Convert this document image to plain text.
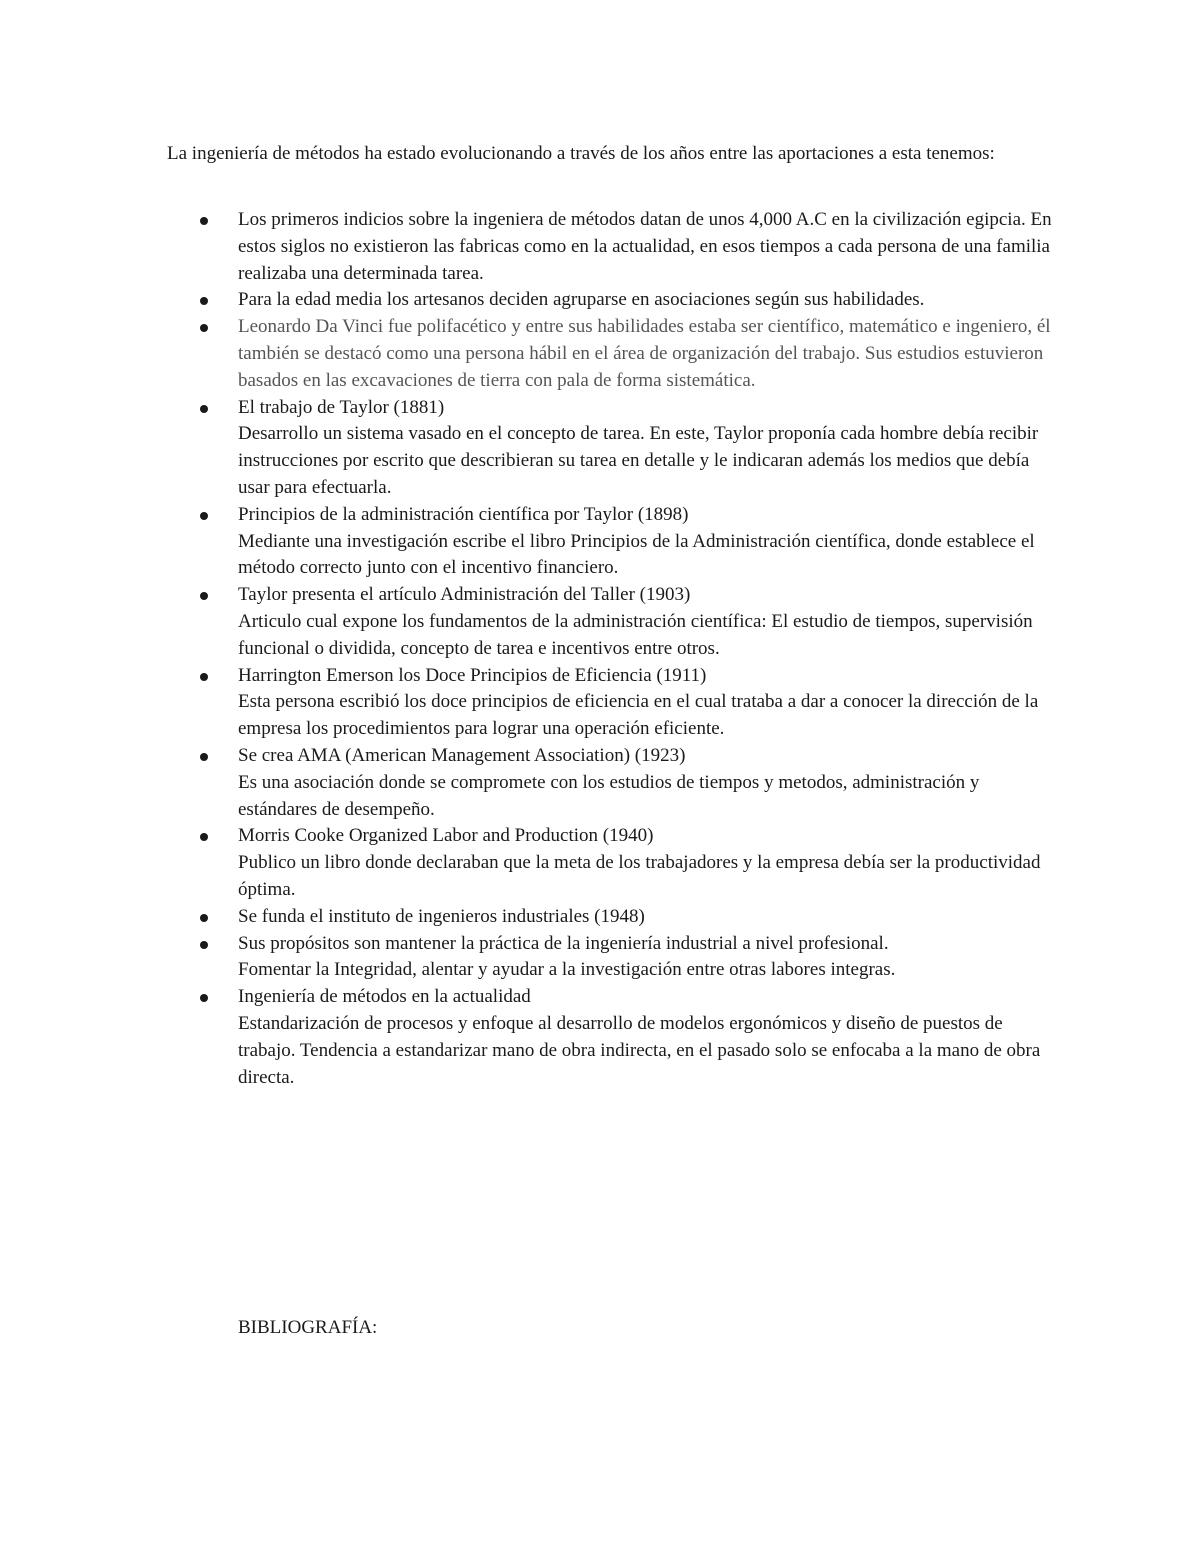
La ingeniería de métodos ha estado evolucionando a través de los años entre las aportaciones a esta tenemos:

Los primeros indicios sobre la ingeniera de métodos datan de unos 4,000 A.C en la civilización egipcia. En estos siglos no existieron las fabricas como en la actualidad, en esos tiempos a cada persona de una familia realizaba una determinada tarea.
Para la edad media los artesanos deciden agruparse en asociaciones según sus habilidades.
Leonardo Da Vinci fue polifacético y entre sus habilidades estaba ser científico, matemático e ingeniero, él también se destacó como una persona hábil en el área de organización del trabajo. Sus estudios estuvieron basados en las excavaciones de tierra con pala de forma sistemática.
El trabajo de Taylor (1881)
Desarrollo un sistema vasado en el concepto de tarea. En este, Taylor proponía cada hombre debía recibir instrucciones por escrito que describieran su tarea en detalle y le indicaran además los medios que debía usar para efectuarla.
Principios de la administración científica por Taylor (1898)
Mediante una investigación escribe el libro Principios de la Administración científica, donde establece el método correcto junto con el incentivo financiero.
Taylor presenta el artículo Administración del Taller (1903)
Articulo cual expone los fundamentos de la administración científica: El estudio de tiempos, supervisión funcional o dividida, concepto de tarea e incentivos entre otros.
Harrington Emerson los Doce Principios de Eficiencia (1911)
Esta persona escribió los doce principios de eficiencia en el cual trataba a dar a conocer la dirección de la empresa los procedimientos para lograr una operación eficiente.
Se crea AMA (American Management Association) (1923)
Es una asociación donde se compromete con los estudios de tiempos y metodos, administración y estándares de desempeño.
Morris Cooke Organized Labor and Production (1940)
Publico un libro donde declaraban que la meta de los trabajadores y la empresa debía ser la productividad óptima.
Se funda el instituto de ingenieros industriales (1948)
Sus propósitos son mantener la práctica de la ingeniería industrial a nivel profesional.
Fomentar la Integridad, alentar y ayudar a la investigación entre otras labores integras.
Ingeniería de métodos en la actualidad
Estandarización de procesos y enfoque al desarrollo de modelos ergonómicos y diseño de puestos de trabajo. Tendencia a estandarizar mano de obra indirecta, en el pasado solo se enfocaba a la mano de obra directa.

BIBLIOGRAFÍA:
